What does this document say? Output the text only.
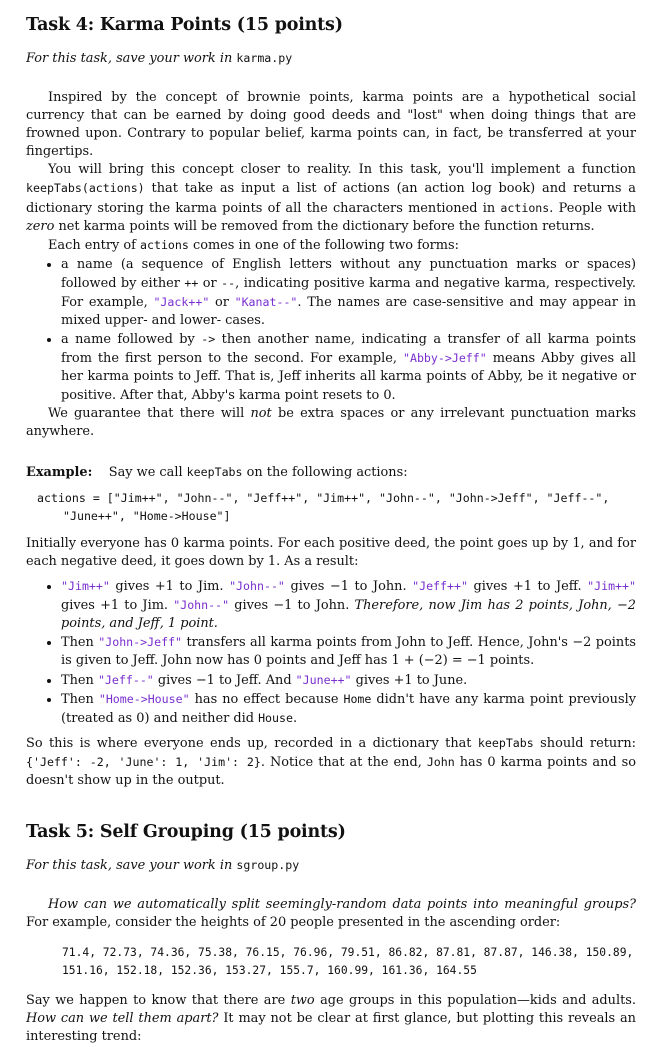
Task 4: Karma Points (15 points)

For this task, save your work in karma.py

Inspired by the concept of brownie points, karma points are a hypothetical social currency that can be earned by doing good deeds and "lost" when doing things that are frowned upon. Contrary to popular belief, karma points can, in fact, be transferred at your fingertips.

You will bring this concept closer to reality. In this task, you'll implement a function keepTabs(actions) that take as input a list of actions (an action log book) and returns a dictionary storing the karma points of all the characters mentioned in actions. People with zero net karma points will be removed from the dictionary before the function returns.

Each entry of actions comes in one of the following two forms:

• a name (a sequence of English letters without any punctuation marks or spaces) followed by either ++ or --, indicating positive karma and negative karma, respectively. For example, "Jack++" or "Kanat--". The names are case-sensitive and may appear in mixed upper- and lower- cases.
• a name followed by -> then another name, indicating a transfer of all karma points from the first person to the second. For example, "Abby->Jeff" means Abby gives all her karma points to Jeff. That is, Jeff inherits all karma points of Abby, be it negative or positive. After that, Abby's karma point resets to 0.

We guarantee that there will not be extra spaces or any irrelevant punctuation marks anywhere.

Example: Say we call keepTabs on the following actions:

actions = ["Jim++", "John--", "Jeff++", "Jim++", "John--", "John->Jeff", "Jeff--",
"June++", "Home->House"]

Initially everyone has 0 karma points. For each positive deed, the point goes up by 1, and for each negative deed, it goes down by 1. As a result:

• "Jim++" gives +1 to Jim. "John--" gives −1 to John. "Jeff++" gives +1 to Jeff. "Jim++" gives +1 to Jim. "John--" gives −1 to John. Therefore, now Jim has 2 points, John, −2 points, and Jeff, 1 point.
• Then "John->Jeff" transfers all karma points from John to Jeff. Hence, John's −2 points is given to Jeff. John now has 0 points and Jeff has 1 + (−2) = −1 points.
• Then "Jeff--" gives −1 to Jeff. And "June++" gives +1 to June.
• Then "Home->House" has no effect because Home didn't have any karma point previously (treated as 0) and neither did House.

So this is where everyone ends up, recorded in a dictionary that keepTabs should return: {'Jeff': -2, 'June': 1, 'Jim': 2}. Notice that at the end, John has 0 karma points and so doesn't show up in the output.

Task 5: Self Grouping (15 points)

For this task, save your work in sgroup.py

How can we automatically split seemingly-random data points into meaningful groups? For example, consider the heights of 20 people presented in the ascending order:

71.4, 72.73, 74.36, 75.38, 76.15, 76.96, 79.51, 86.82, 87.81, 87.87, 146.38, 150.89,
151.16, 152.18, 152.36, 153.27, 155.7, 160.99, 161.36, 164.55

Say we happen to know that there are two age groups in this population—kids and adults. How can we tell them apart? It may not be clear at first glance, but plotting this reveals an interesting trend:
